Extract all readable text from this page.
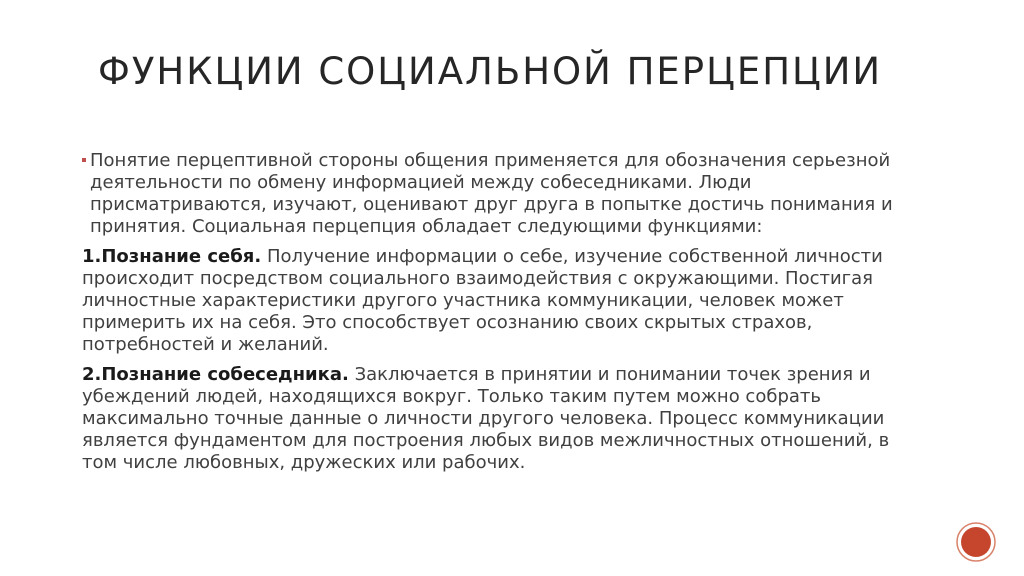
ФУНКЦИИ СОЦИАЛЬНОЙ ПЕРЦЕПЦИИ

Понятие перцептивной стороны общения применяется для обозначения серьезной деятельности по обмену информацией между собеседниками. Люди присматриваются, изучают, оценивают друг друга в попытке достичь понимания и принятия. Социальная перцепция обладает следующими функциями:

1.Познание себя. Получение информации о себе, изучение собственной личности происходит посредством социального взаимодействия с окружающими. Постигая личностные характеристики другого участника коммуникации, человек может примерить их на себя. Это способствует осознанию своих скрытых страхов, потребностей и желаний.

2.Познание собеседника. Заключается в принятии и понимании точек зрения и убеждений людей, находящихся вокруг. Только таким путем можно собрать максимально точные данные о личности другого человека. Процесс коммуникации является фундаментом для построения любых видов межличностных отношений, в том числе любовных, дружеских или рабочих.
